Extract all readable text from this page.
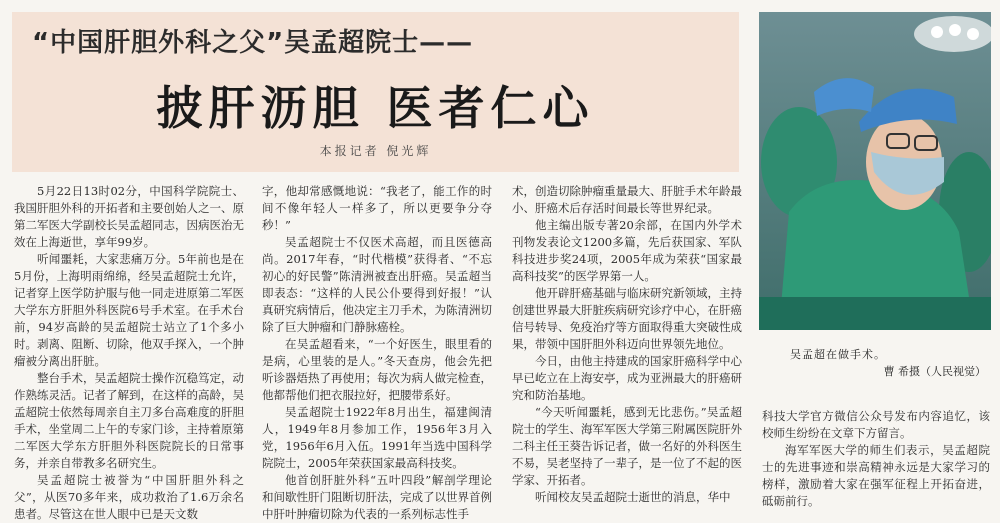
“中国肝胆外科之父”吴孟超院士——
披肝沥胆 医者仁心
本报记者 倪光辉

5月22日13时02分，中国科学院院士、我国肝胆外科的开拓者和主要创始人之一、原第二军医大学副校长吴孟超同志，因病医治无效在上海逝世，享年99岁。

听闻噩耗，大家悲痛万分。5年前也是在5月份，上海明雨绵绵，经吴孟超院士允许，记者穿上医学防护服与他一同走进原第二军医大学东方肝胆外科医院6号手术室。在手术台前，94岁高龄的吴孟超院士站立了1个多小时。剥离、阻断、切除，他双手探入，一个肿瘤被分离出肝脏。

整台手术，吴孟超院士操作沉稳笃定，动作熟练灵活。记者了解到，在这样的高龄，吴孟超院士依然每周亲自主刀多台高难度的肝胆手术，坐堂周二上午的专家门诊，主持着原第二军医大学东方肝胆外科医院院长的日常事务，并亲自带教多名研究生。

吴孟超院士被誉为“中国肝胆外科之父”，从医70多年来，成功救治了1.6万余名患者。尽管这在世人眼中已是天文数

字，他却常感慨地说：“我老了，能工作的时间不像年轻人一样多了，所以更要争分夺秒！”

吴孟超院士不仅医术高超，而且医德高尚。2017年春，“时代楷模”获得者、“不忘初心的好民警”陈清洲被查出肝癌。吴孟超当即表态：“这样的人民公仆要得到好报！”认真研究病情后，他决定主刀手术，为陈清洲切除了巨大肿瘤和门静脉癌栓。

在吴孟超看来，“一个好医生，眼里看的是病，心里装的是人。”冬天查房，他会先把听诊器焐热了再使用；每次为病人做完检查，他都帮他们把衣服拉好，把腰带系好。

吴孟超院士1922年8月出生，福建闽清人，1949年8月参加工作，1956年3月入党，1956年6月入伍。1991年当选中国科学院院士，2005年荣获国家最高科技奖。

他首创肝脏外科“五叶四段”解剖学理论和间歇性肝门阻断切肝法，完成了以世界首例中肝叶肿瘤切除为代表的一系列标志性手

术，创造切除肿瘤重量最大、肝脏手术年龄最小、肝癌术后存活时间最长等世界纪录。

他主编出版专著20余部，在国内外学术刊物发表论文1200多篇，先后获国家、军队科技进步奖24项，2005年成为荣获“国家最高科技奖”的医学界第一人。

他开辟肝癌基础与临床研究新领域，主持创建世界最大肝脏疾病研究诊疗中心，在肝癌信号转导、免疫治疗等方面取得重大突破性成果，带领中国肝胆外科迈向世界领先地位。

今日，由他主持建成的国家肝癌科学中心早已屹立在上海安亭，成为亚洲最大的肝癌研究和防治基地。

“今天听闻噩耗，感到无比悲伤。”吴孟超院士的学生、海军军医大学第三附属医院肝外二科主任王葵告诉记者，做一名好的外科医生不易，吴老坚持了一辈子，是一位了不起的医学家、开拓者。

听闻校友吴孟超院士逝世的消息，华中

吴孟超在做手术。
曹 希摄（人民视觉）

科技大学官方微信公众号发布内容追忆，该校师生纷纷在文章下方留言。

海军军医大学的师生们表示，吴孟超院士的先进事迹和崇高精神永远是大家学习的榜样，激励着大家在强军征程上开拓奋进，砥砺前行。
